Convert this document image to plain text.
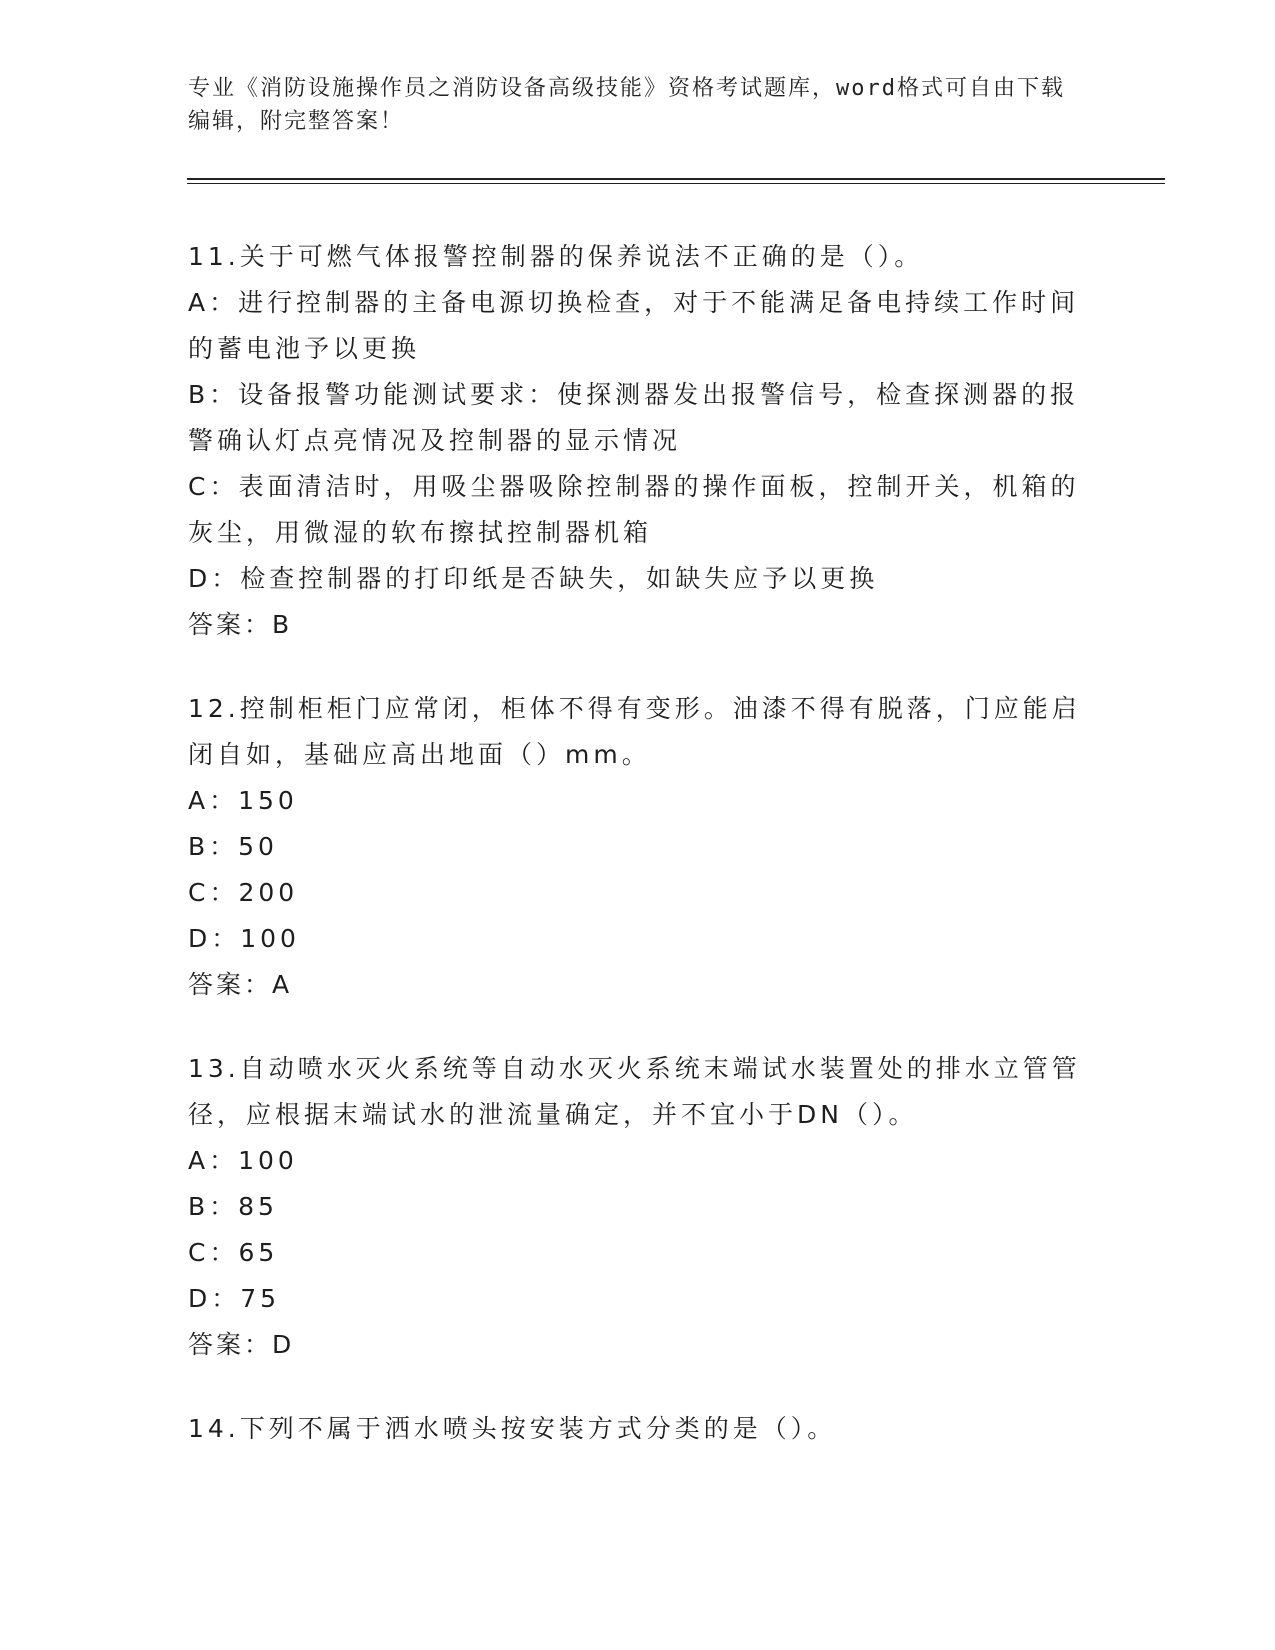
专业《消防设施操作员之消防设备高级技能》资格考试题库，word格式可自由下载编辑，附完整答案！

11.关于可燃气体报警控制器的保养说法不正确的是（）。

A：进行控制器的主备电源切换检查，对于不能满足备电持续工作时间的蓄电池予以更换

B：设备报警功能测试要求：使探测器发出报警信号，检查探测器的报警确认灯点亮情况及控制器的显示情况

C：表面清洁时，用吸尘器吸除控制器的操作面板，控制开关，机箱的灰尘，用微湿的软布擦拭控制器机箱

D：检查控制器的打印纸是否缺失，如缺失应予以更换

答案：B

12.控制柜柜门应常闭，柜体不得有变形。油漆不得有脱落，门应能启闭自如，基础应高出地面（）mm。

A：150

B：50

C：200

D：100

答案：A

13.自动喷水灭火系统等自动水灭火系统末端试水装置处的排水立管管径，应根据末端试水的泄流量确定，并不宜小于DN（）。

A：100

B：85

C：65

D：75

答案：D

14.下列不属于洒水喷头按安装方式分类的是（）。
